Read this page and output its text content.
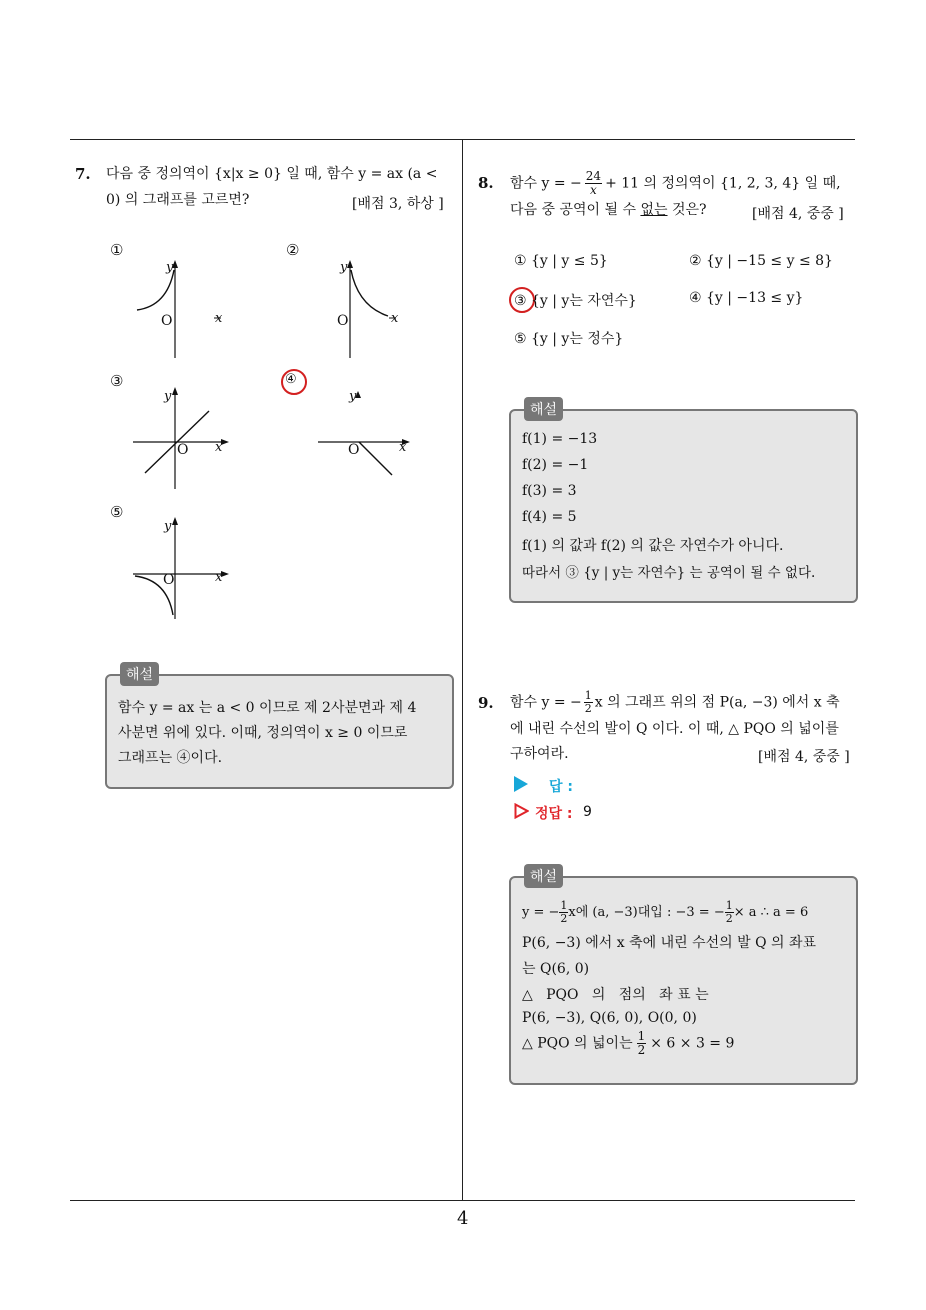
7. 다음 중 정의역이 {x|x ≥ 0} 일 때, 함수 y = ax (a <
0) 의 그래프를 고르면?	[배점 3, 하상 ]
①	②
③	④
⑤
y
O	x
y
O	x
y
O x
y
O	x
y
O	x
해설
함수 y = ax 는 a < 0 이므로 제 2사분면과 제 4
사분면 위에 있다. 이때, 정의역이 x ≥ 0 이므로
그래프는 ④이다.
8. 함수 y = − $\frac{24}{x} + 11$ 의 정의역이 {1, 2, 3, 4} 일 때,
다음 중 공역이 될 수 없는 것은?	[배점 4, 중중 ]
① {y | y ≤ 5}	② {y | −15 ≤ y ≤ 8}
③ {y | y는 자연수}	④ {y | −13 ≤ y}
⑤ {y | y는 정수}
해설
f(1) = −13
f(2) = −1
f(3) = 3
f(4) = 5
f(1) 의 값과 f(2) 의 값은 자연수가 아니다.
따라서 ③ {y | y는 자연수} 는 공역이 될 수 없다.
9. 함수 y = − $\frac{1}{2}$ x 의 그래프 위의 점 P(a, −3) 에서 x 축
에 내린 수선의 발이 Q 이다. 이 때, △ PQO 의 넓이를
구하여라.	[배점 4, 중중 ]
답 :
정답 : 9
해설
y = − $\frac{1}{2}$ x에 (a, −3)대입 : −3 = − $\frac{1}{2} \times a$ ∴ a = 6
P(6, −3) 에서 x 축에 내린 수선의 발 Q 의 좌표
는 Q(6, 0)
△   PQO   의   점의   좌 표 는
P(6, −3), Q(6, 0), O(0, 0)
△ PQO 의 넓이는 $\frac{1}{2} \times 6 \times 3 = 9$
4
